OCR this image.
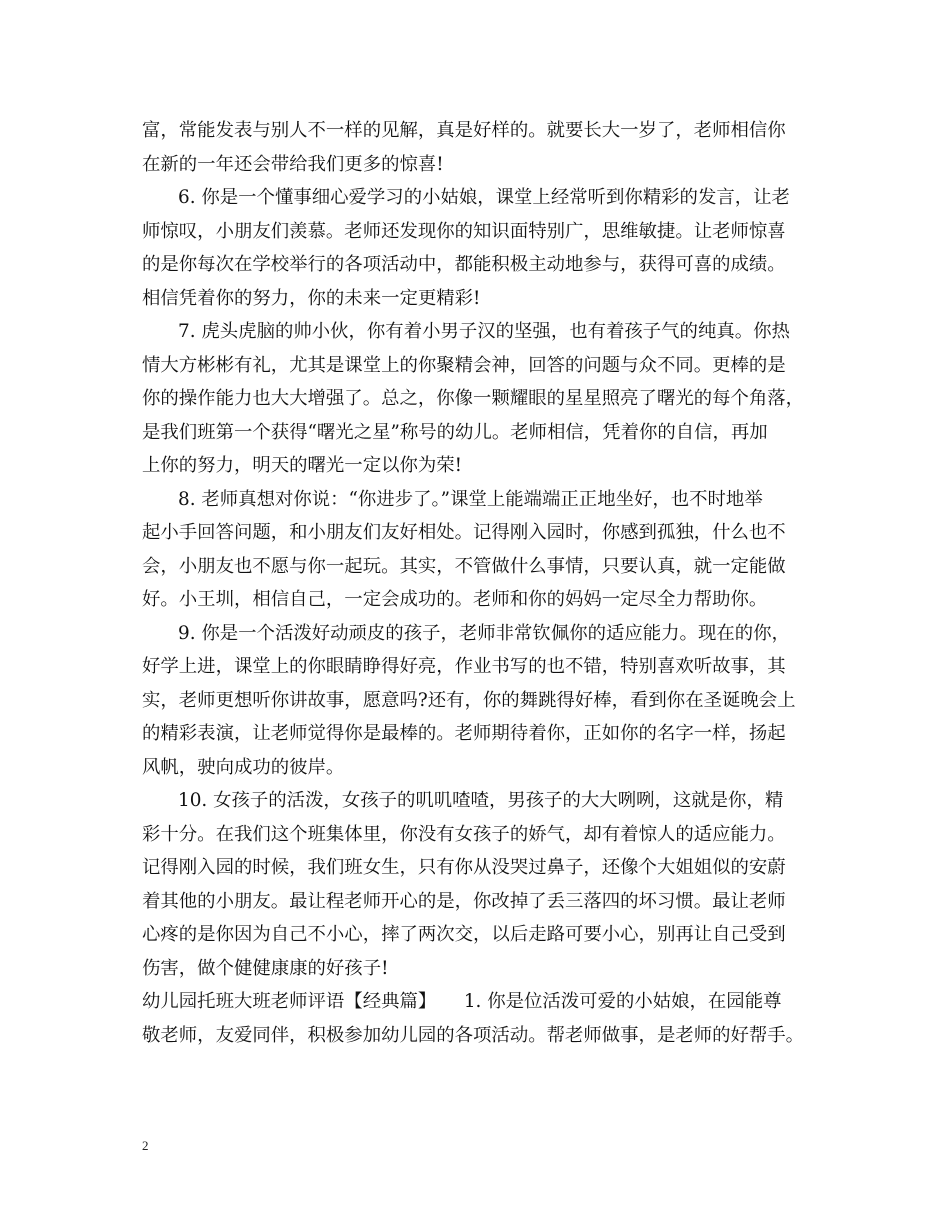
富，常能发表与别人不一样的见解，真是好样的。就要长大一岁了，老师相信你
在新的一年还会带给我们更多的惊喜!
6. 你是一个懂事细心爱学习的小姑娘，课堂上经常听到你精彩的发言，让老
师惊叹，小朋友们羡慕。老师还发现你的知识面特别广，思维敏捷。让老师惊喜
的是你每次在学校举行的各项活动中，都能积极主动地参与，获得可喜的成绩。
相信凭着你的努力，你的未来一定更精彩!
7. 虎头虎脑的帅小伙，你有着小男子汉的坚强，也有着孩子气的纯真。你热
情大方彬彬有礼，尤其是课堂上的你聚精会神，回答的问题与众不同。更棒的是
你的操作能力也大大增强了。总之，你像一颗耀眼的星星照亮了曙光的每个角落，
是我们班第一个获得“曙光之星”称号的幼儿。老师相信，凭着你的自信，再加
上你的努力，明天的曙光一定以你为荣!
8. 老师真想对你说：“你进步了。”课堂上能端端正正地坐好，也不时地举
起小手回答问题，和小朋友们友好相处。记得刚入园时，你感到孤独，什么也不
会，小朋友也不愿与你一起玩。其实，不管做什么事情，只要认真，就一定能做
好。小王圳，相信自己，一定会成功的。老师和你的妈妈一定尽全力帮助你。
9. 你是一个活泼好动顽皮的孩子，老师非常钦佩你的适应能力。现在的你，
好学上进，课堂上的你眼睛睁得好亮，作业书写的也不错，特别喜欢听故事，其
实，老师更想听你讲故事，愿意吗?还有，你的舞跳得好棒，看到你在圣诞晚会上
的精彩表演，让老师觉得你是最棒的。老师期待着你，正如你的名字一样，扬起
风帆，驶向成功的彼岸。
10. 女孩子的活泼，女孩子的叽叽喳喳，男孩子的大大咧咧，这就是你，精
彩十分。在我们这个班集体里，你没有女孩子的娇气，却有着惊人的适应能力。
记得刚入园的时候，我们班女生，只有你从没哭过鼻子，还像个大姐姐似的安蔚
着其他的小朋友。最让程老师开心的是，你改掉了丢三落四的坏习惯。最让老师
心疼的是你因为自己不小心，摔了两次交，以后走路可要小心，别再让自己受到
伤害，做个健健康康的好孩子!
幼儿园托班大班老师评语【经典篇】　　1. 你是位活泼可爱的小姑娘，在园能尊
敬老师，友爱同伴，积极参加幼儿园的各项活动。帮老师做事，是老师的好帮手。
2
